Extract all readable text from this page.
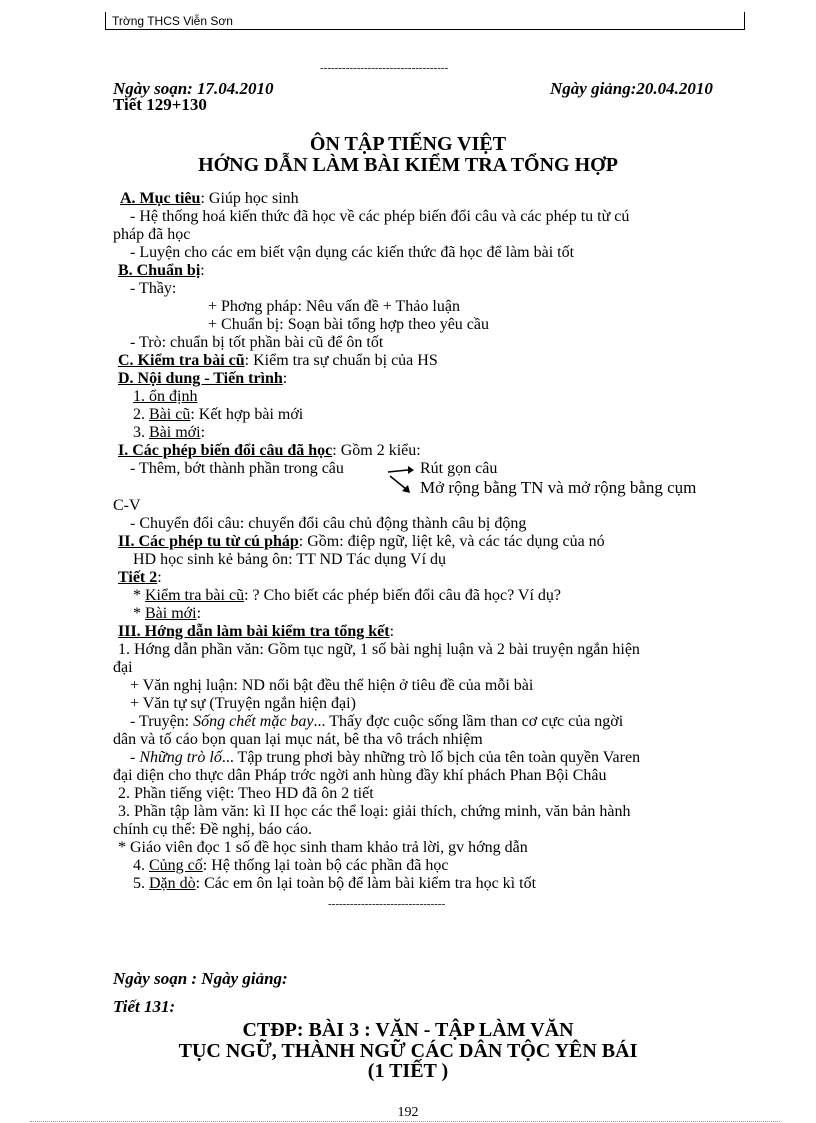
Trờng THCS Viễn Sơn
-----------------------------------
Ngày soạn: 17.04.2010	Ngày giảng:20.04.2010
Tiết 129+130
ÔN TẬP TIẾNG VIỆT
HỚNG DẪN LÀM BÀI KIỂM TRA TỔNG HỢP
A. Mục tiêu: Giúp học sinh
- Hệ thống hoá kiến thức đã học về các phép biến đổi câu và các phép tu từ cú
pháp đã học
- Luyện cho các em biết vận dụng các kiến thức đã học để làm bài tốt
B. Chuẩn bị:
- Thầy:
+ Phơng pháp: Nêu vấn đề + Thảo luận
+ Chuẩn bị: Soạn bài tổng hợp theo yêu cầu
- Trò: chuẩn bị tốt phần bài cũ để ôn tốt
C. Kiểm tra bài cũ: Kiểm tra sự chuẩn bị của HS
D. Nội dung - Tiến trình:
1. ổn định
2. Bài cũ: Kết hợp bài mới
3. Bài mới:
I. Các phép biến đổi câu đã học: Gồm 2 kiểu:
- Thêm, bớt thành phần trong câu	Rút gọn câu
Mở rộng bằng TN và mở rộng bằng cụm
C-V
- Chuyển đổi câu: chuyển đổi câu chủ động thành câu bị động
II. Các phép tu từ cú pháp: Gồm: điệp ngữ, liệt kê, và các tác dụng của nó
HD học sinh kẻ bảng ôn: TT ND Tác dụng Ví dụ
Tiết 2:
* Kiểm tra bài cũ: ? Cho biết các phép biến đổi câu đã học? Ví dụ?
* Bài mới:
III. Hớng dẫn làm bài kiểm tra tổng kết:
1. Hớng dẫn phần văn: Gồm tục ngữ, 1 số bài nghị luận và 2 bài truyện ngắn hiện
đại
+ Văn nghị luận: ND nổi bật đều thể hiện ở tiêu đề của mỗi bài
+ Văn tự sự (Truyện ngắn hiện đại)
- Truyện: Sống chết mặc bay... Thấy đợc cuộc sống lầm than cơ cực của ngời
dân và tố cáo bọn quan lại mục nát, bê tha vô trách nhiệm
- Những trò lố... Tập trung phơi bày những trò lố bịch của tên toàn quyền Varen
đại diện cho thực dân Pháp trớc ngời anh hùng đầy khí phách Phan Bội Châu
2. Phần tiếng việt: Theo HD đã ôn 2 tiết
3. Phần tập làm văn: kì II học các thể loại: giải thích, chứng minh, văn bản hành
chính cụ thể: Đề nghị, báo cáo.
* Giáo viên đọc 1 số đề học sinh tham khảo trả lời, gv hớng dẫn
4. Củng cố: Hệ thống lại toàn bộ các phần đã học
5. Dặn dò: Các em ôn lại toàn bộ để làm bài kiểm tra học kì tốt
--------------------------------
Ngày soạn : Ngày giảng:
Tiết 131:
CTĐP: BÀI 3 : VĂN - TẬP LÀM VĂN
TỤC NGỮ, THÀNH NGỮ CÁC DÂN TỘC YÊN BÁI
(1 TIẾT )
192
